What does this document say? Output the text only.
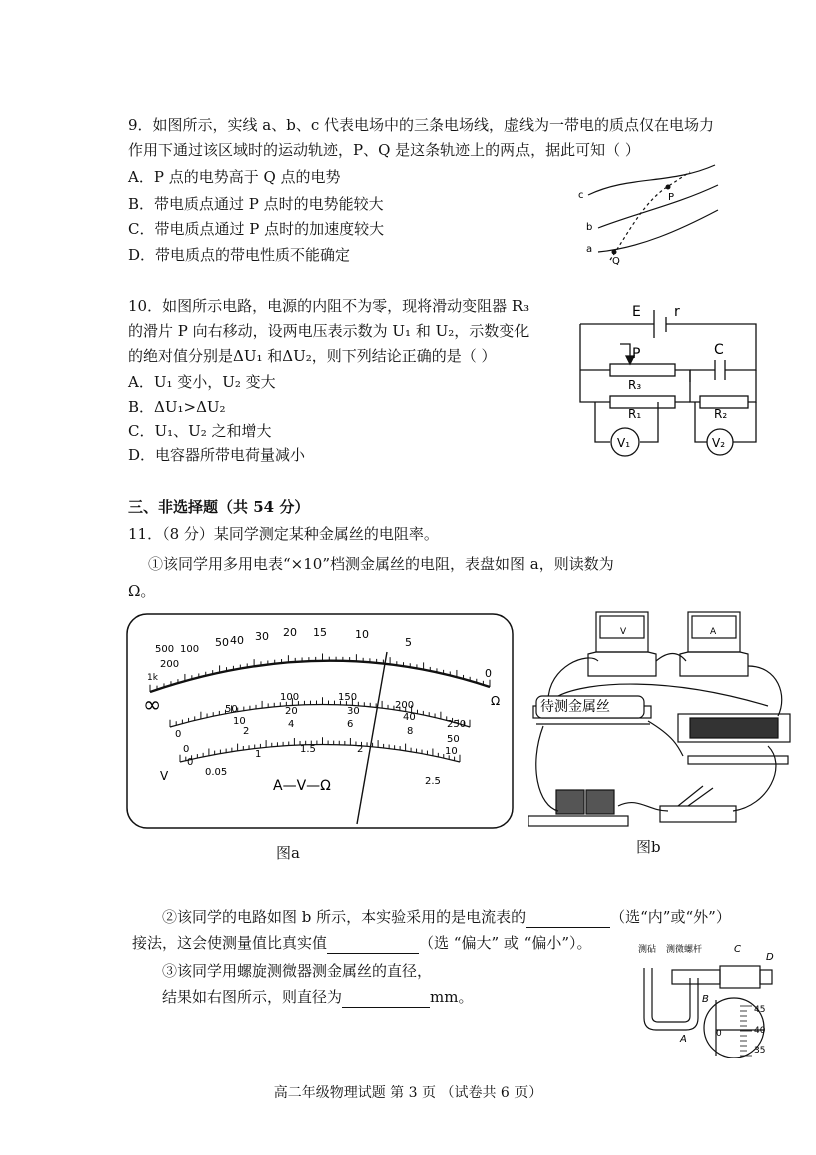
9．如图所示，实线 a、b、c 代表电场中的三条电场线，虚线为一带电的质点仅在电场力
作用下通过该区域时的运动轨迹，P、Q 是这条轨迹上的两点，据此可知（ ）
A．P 点的电势高于 Q 点的电势
B．带电质点通过 P 点时的电势能较大
C．带电质点通过 P 点时的加速度较大
D．带电质点的带电性质不能确定
c
b
a
P
Q
10．如图所示电路，电源的内阻不为零，现将滑动变阻器 R₃
的滑片 P 向右移动，设两电压表示数为 U₁ 和 U₂，示数变化
的绝对值分别是ΔU₁ 和ΔU₂，则下列结论正确的是（ ）
A．U₁ 变小，U₂ 变大
B．ΔU₁>ΔU₂
C．U₁、U₂ 之和增大
D．电容器所带电荷量减小
E r
P
R₃
R₁	R₂
C
V₁	V₂
三、非选择题（共 54 分）
11．（8 分）某同学测定某种金属丝的电阻率。
①该同学用多用电表“×10”档测金属丝的电阻，表盘如图 a，则读数为
Ω。
∞
1k
500
200
100
50 40 30 20 15	10
5
0
Ω
100	150
200
250
50
10
20	30
40
50
2
4	6
8
10
0
0
0
0.05
1	1.5	2
2.5
V
A—V—Ω
图a
V	A
待测金属丝
图b
②该同学的电路如图 b 所示，本实验采用的是电流表的	（选“内”或“外”）
接法，这会使测量值比真实值	（选 “偏大” 或 “偏小”）。
③该同学用螺旋测微器测金属丝的直径，
结果如右图所示，则直径为	mm。
测砧 测微螺杆	C
D
A
B
0
45
40
35
高二年级物理试题 第 3 页 （试卷共 6 页）
